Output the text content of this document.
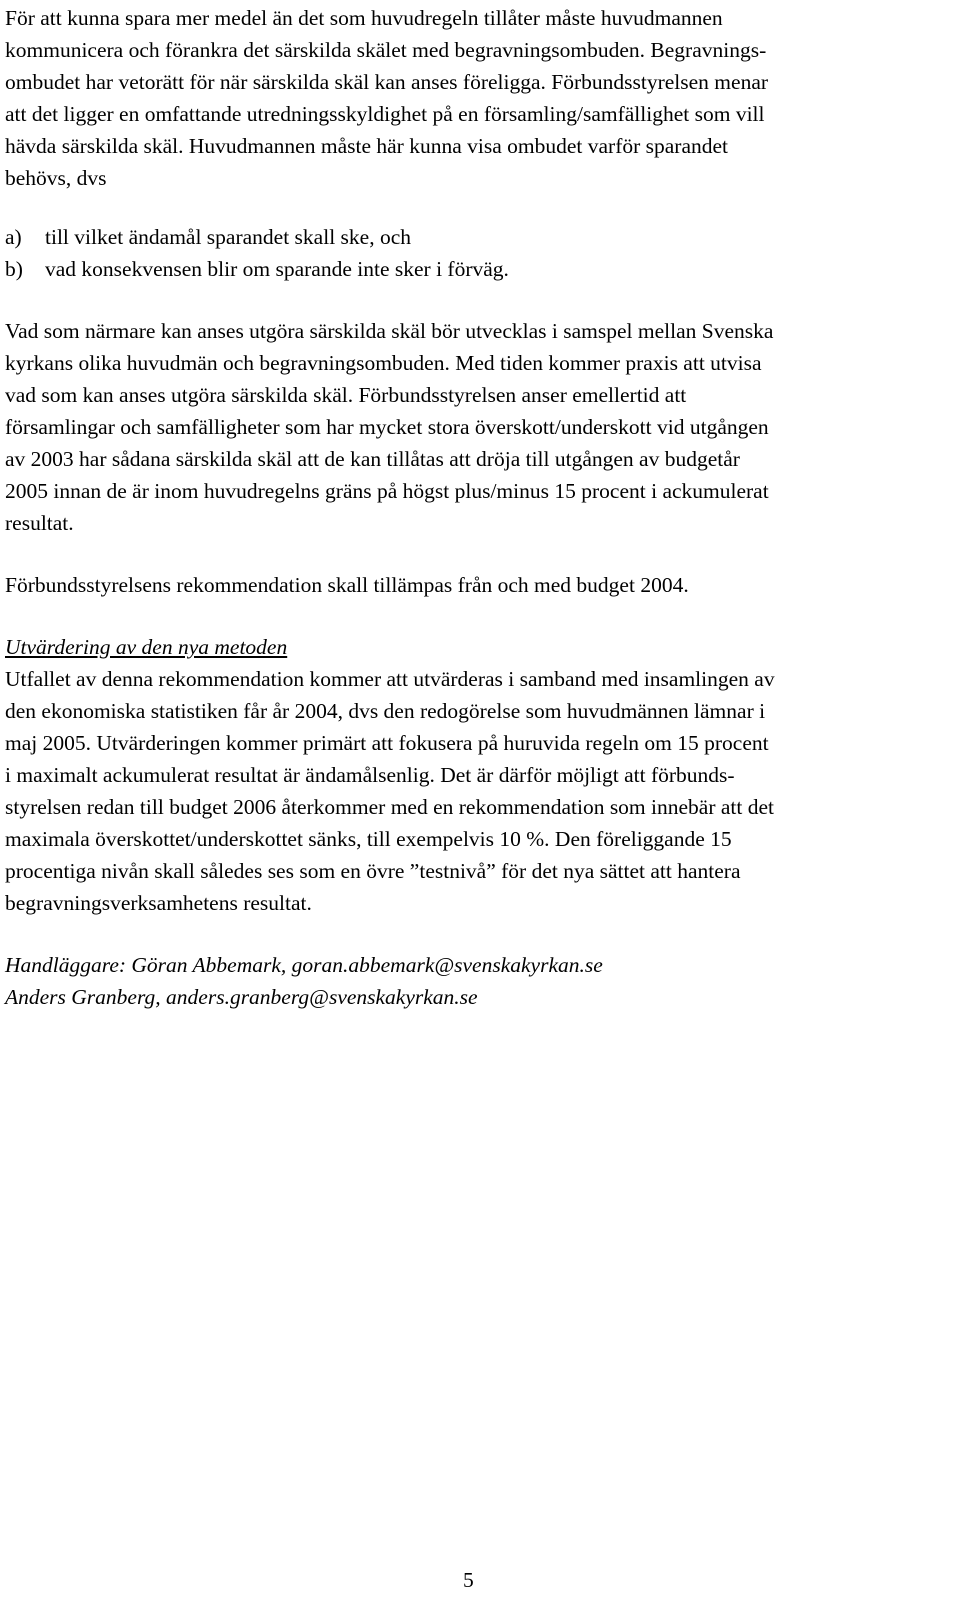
För att kunna spara mer medel än det som huvudregeln tillåter måste huvudmannen
kommunicera och förankra det särskilda skälet med begravningsombuden. Begravnings-
ombudet har vetorätt för när särskilda skäl kan anses föreligga. Förbundsstyrelsen menar
att det ligger en omfattande utredningsskyldighet på en församling/samfällighet som vill
hävda särskilda skäl. Huvudmannen måste här kunna visa ombudet varför sparandet
behövs, dvs
a) till vilket ändamål sparandet skall ske, och
b) vad konsekvensen blir om sparande inte sker i förväg.
Vad som närmare kan anses utgöra särskilda skäl bör utvecklas i samspel mellan Svenska
kyrkans olika huvudmän och begravningsombuden. Med tiden kommer praxis att utvisa
vad som kan anses utgöra särskilda skäl. Förbundsstyrelsen anser emellertid att
församlingar och samfälligheter som har mycket stora överskott/underskott vid utgången
av 2003 har sådana särskilda skäl att de kan tillåtas att dröja till utgången av budgetår
2005 innan de är inom huvudregelns gräns på högst plus/minus 15 procent i ackumulerat
resultat.
Förbundsstyrelsens rekommendation skall tillämpas från och med budget 2004.
Utvärdering av den nya metoden
Utfallet av denna rekommendation kommer att utvärderas i samband med insamlingen av
den ekonomiska statistiken får år 2004, dvs den redogörelse som huvudmännen lämnar i
maj 2005. Utvärderingen kommer primärt att fokusera på huruvida regeln om 15 procent
i maximalt ackumulerat resultat är ändamålsenlig. Det är därför möjligt att förbunds-
styrelsen redan till budget 2006 återkommer med en rekommendation som innebär att det
maximala överskottet/underskottet sänks, till exempelvis 10 %. Den föreliggande 15
procentiga nivån skall således ses som en övre ”testnivå” för det nya sättet att hantera
begravningsverksamhetens resultat.
Handläggare: Göran Abbemark, goran.abbemark@svenskakyrkan.se
Anders Granberg, anders.granberg@svenskakyrkan.se
5
